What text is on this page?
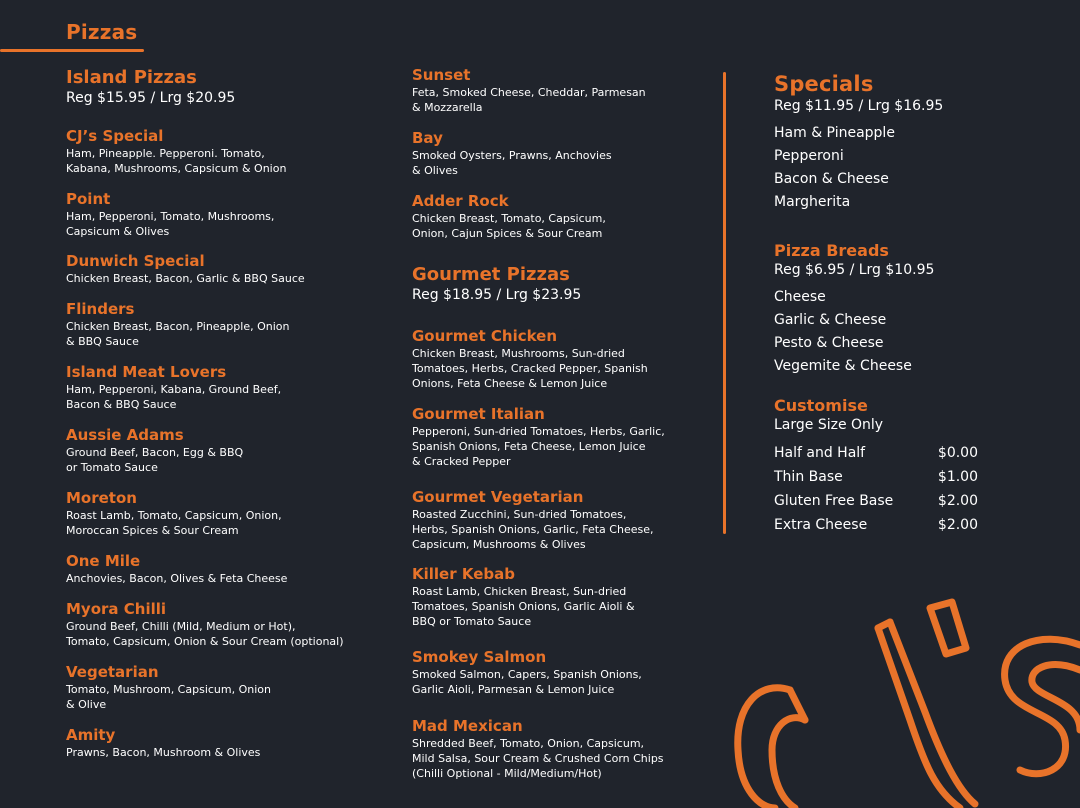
Pizzas
Island Pizzas
Reg $15.95 / Lrg $20.95
CJ’s Special
Ham, Pineapple. Pepperoni. Tomato,
Kabana, Mushrooms, Capsicum & Onion
Point
Ham, Pepperoni, Tomato, Mushrooms,
Capsicum & Olives
Dunwich Special
Chicken Breast, Bacon, Garlic & BBQ Sauce
Flinders
Chicken Breast, Bacon, Pineapple, Onion
& BBQ Sauce
Island Meat Lovers
Ham, Pepperoni, Kabana, Ground Beef,
Bacon & BBQ Sauce
Aussie Adams
Ground Beef, Bacon, Egg & BBQ
or Tomato Sauce
Moreton
Roast Lamb, Tomato, Capsicum, Onion,
Moroccan Spices & Sour Cream
One Mile
Anchovies, Bacon, Olives & Feta Cheese
Myora Chilli
Ground Beef, Chilli (Mild, Medium or Hot),
Tomato, Capsicum, Onion & Sour Cream (optional)
Vegetarian
Tomato, Mushroom, Capsicum, Onion
& Olive
Amity
Prawns, Bacon, Mushroom & Olives
Sunset
Feta, Smoked Cheese, Cheddar, Parmesan
& Mozzarella
Bay
Smoked Oysters, Prawns, Anchovies
& Olives
Adder Rock
Chicken Breast, Tomato, Capsicum,
Onion, Cajun Spices & Sour Cream
Gourmet Pizzas
Reg $18.95 / Lrg $23.95
Gourmet Chicken
Chicken Breast, Mushrooms, Sun-dried
Tomatoes, Herbs, Cracked Pepper, Spanish
Onions, Feta Cheese & Lemon Juice
Gourmet Italian
Pepperoni, Sun-dried Tomatoes, Herbs, Garlic,
Spanish Onions, Feta Cheese, Lemon Juice
& Cracked Pepper
Gourmet Vegetarian
Roasted Zucchini, Sun-dried Tomatoes,
Herbs, Spanish Onions, Garlic, Feta Cheese,
Capsicum, Mushrooms & Olives
Killer Kebab
Roast Lamb, Chicken Breast, Sun-dried
Tomatoes, Spanish Onions, Garlic Aioli &
BBQ or Tomato Sauce
Smokey Salmon
Smoked Salmon, Capers, Spanish Onions,
Garlic Aioli, Parmesan & Lemon Juice
Mad Mexican
Shredded Beef, Tomato, Onion, Capsicum,
Mild Salsa, Sour Cream & Crushed Corn Chips
(Chilli Optional - Mild/Medium/Hot)
Specials
Reg $11.95 / Lrg $16.95
Ham & Pineapple
Pepperoni
Bacon & Cheese
Margherita
Pizza Breads
Reg $6.95 / Lrg $10.95
Cheese
Garlic & Cheese
Pesto & Cheese
Vegemite & Cheese
Customise
Large Size Only
Half and Half	$0.00
Thin Base	$1.00
Gluten Free Base	$2.00
Extra Cheese	$2.00
